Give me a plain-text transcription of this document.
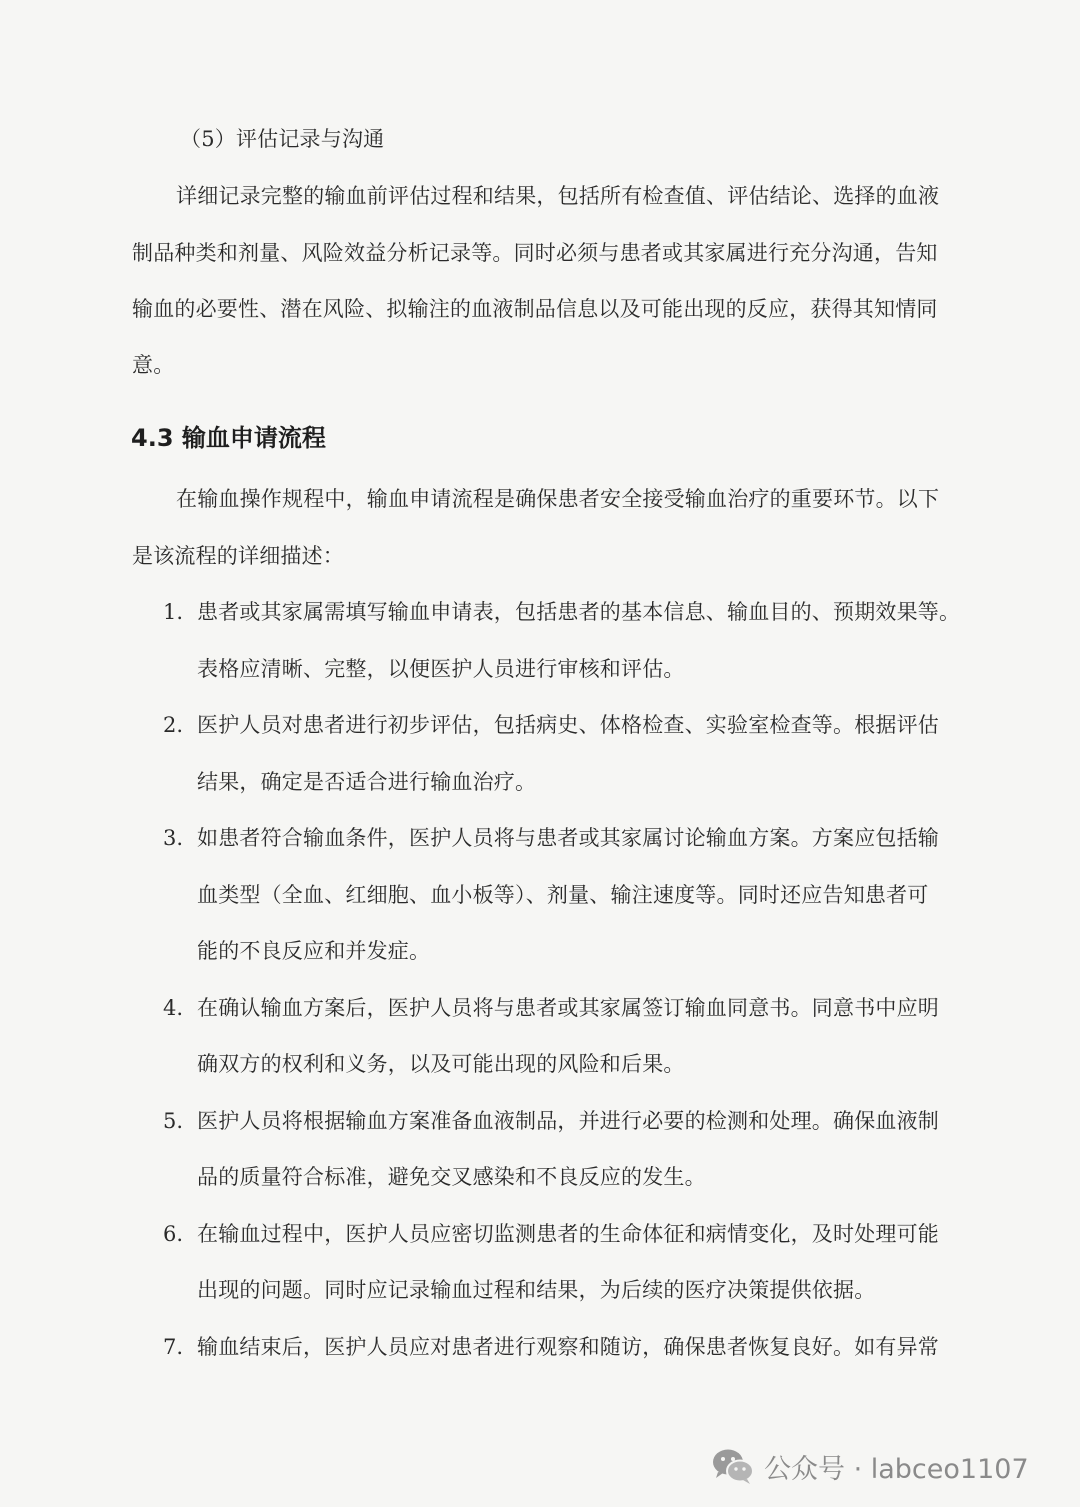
（5）评估记录与沟通
详细记录完整的输血前评估过程和结果，包括所有检查值、评估结论、选择的血液
制品种类和剂量、风险效益分析记录等。同时必须与患者或其家属进行充分沟通，告知
输血的必要性、潜在风险、拟输注的血液制品信息以及可能出现的反应，获得其知情同
意。
4.3 输血申请流程
在输血操作规程中，输血申请流程是确保患者安全接受输血治疗的重要环节。以下
是该流程的详细描述：
1. 患者或其家属需填写输血申请表，包括患者的基本信息、输血目的、预期效果等。
表格应清晰、完整，以便医护人员进行审核和评估。
2. 医护人员对患者进行初步评估，包括病史、体格检查、实验室检查等。根据评估
结果，确定是否适合进行输血治疗。
3. 如患者符合输血条件，医护人员将与患者或其家属讨论输血方案。方案应包括输
血类型（全血、红细胞、血小板等）、剂量、输注速度等。同时还应告知患者可
能的不良反应和并发症。
4. 在确认输血方案后，医护人员将与患者或其家属签订输血同意书。同意书中应明
确双方的权利和义务，以及可能出现的风险和后果。
5. 医护人员将根据输血方案准备血液制品，并进行必要的检测和处理。确保血液制
品的质量符合标准，避免交叉感染和不良反应的发生。
6. 在输血过程中，医护人员应密切监测患者的生命体征和病情变化，及时处理可能
出现的问题。同时应记录输血过程和结果，为后续的医疗决策提供依据。
7. 输血结束后，医护人员应对患者进行观察和随访，确保患者恢复良好。如有异常
公众号 · labceo1107
